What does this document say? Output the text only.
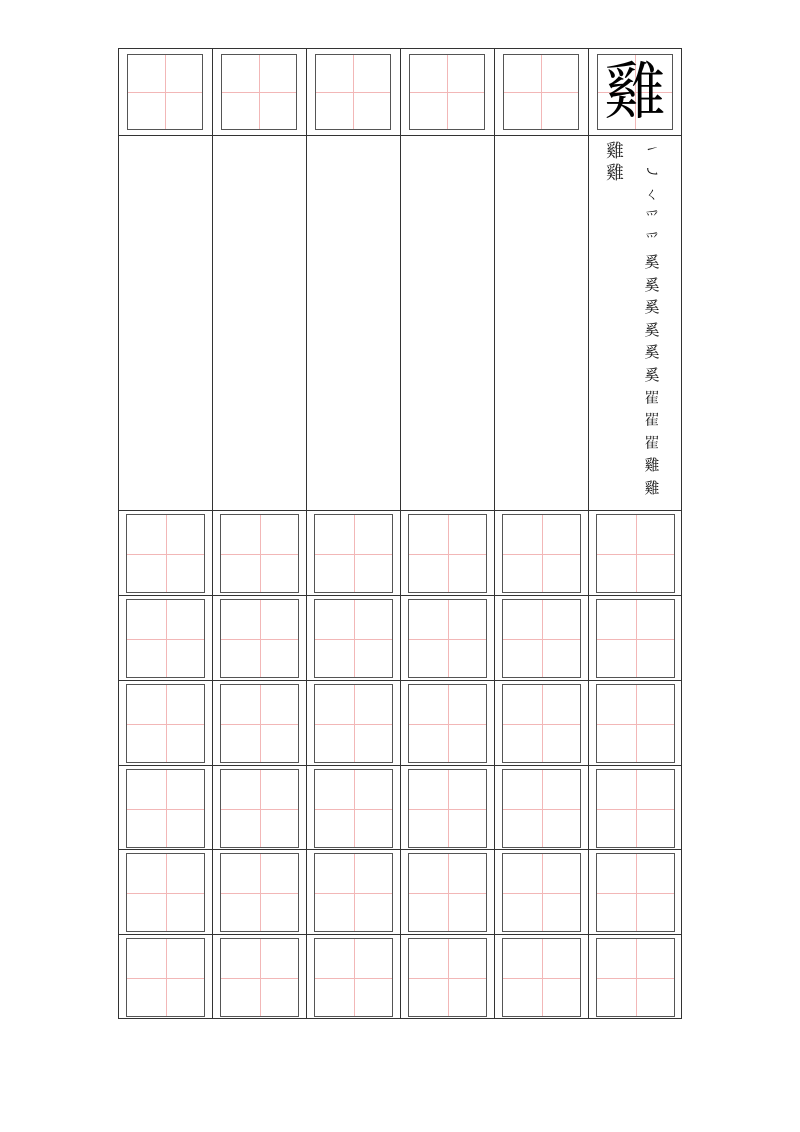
雞
雞
雞
㇀
㇃
ㄑ
爫
爫
奚
奚
奚
奚
奚
奚
𨾴
𨾴
𨾴
雞
雞
